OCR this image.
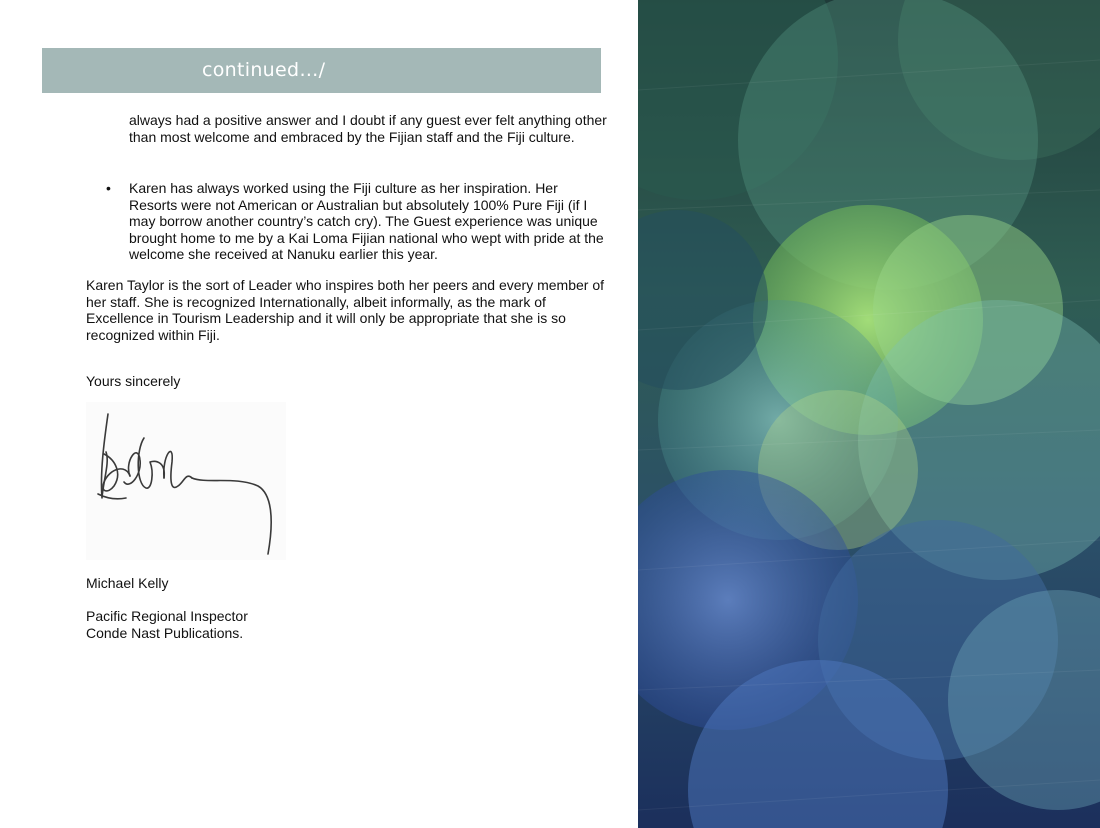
continued…/

always had a positive answer and I doubt if any guest ever felt anything other than most welcome and embraced by the Fijian staff and the Fiji culture.

• Karen has always worked using the Fiji culture as her inspiration. Her Resorts were not American or Australian but absolutely 100% Pure Fiji (if I may borrow another country’s catch cry). The Guest experience was unique brought home to me by a Kai Loma Fijian national who wept with pride at the welcome she received at Nanuku earlier this year.

Karen Taylor is the sort of Leader who inspires both her peers and every member of her staff. She is recognized Internationally, albeit informally, as the mark of Excellence in Tourism Leadership and it will only be appropriate that she is so recognized within Fiji.

Yours sincerely

Michael Kelly

Pacific Regional Inspector

Conde Nast Publications.
